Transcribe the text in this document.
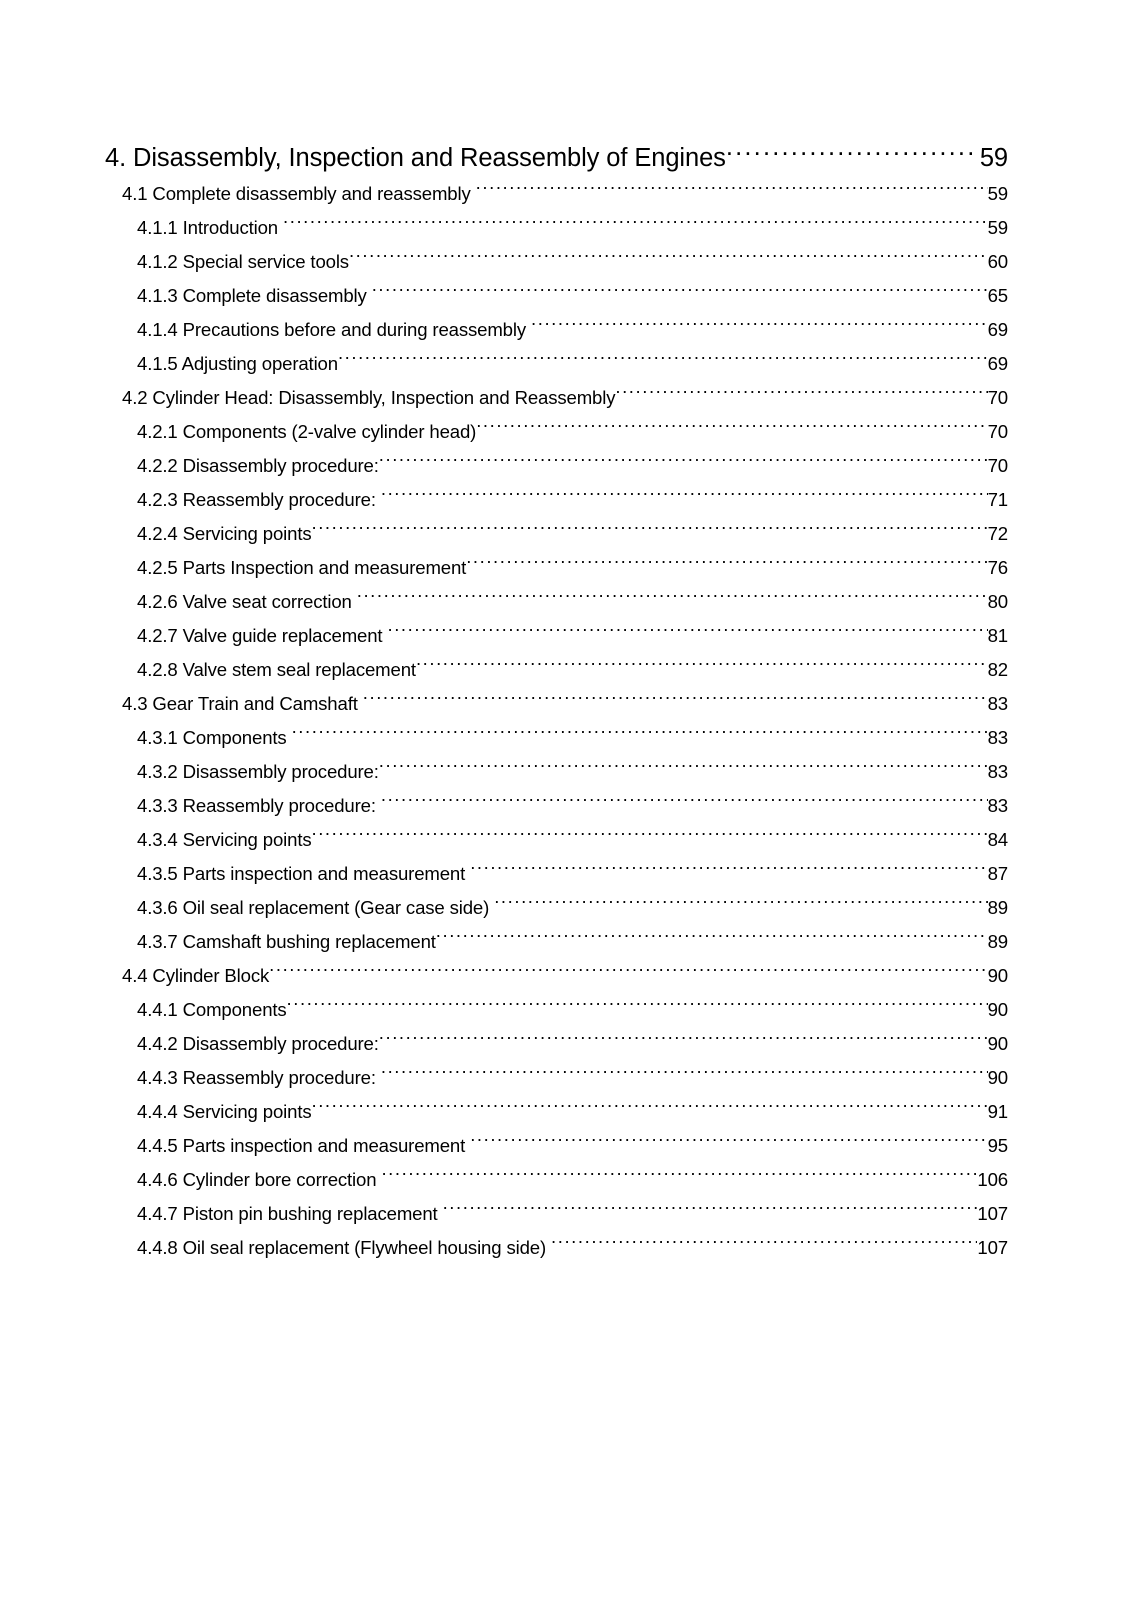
4. Disassembly, Inspection and Reassembly of Engines .....	59
4.1 Complete disassembly and reassembly .....	59
4.1.1 Introduction .....	59
4.1.2 Special service tools .....	60
4.1.3 Complete disassembly .....	65
4.1.4 Precautions before and during reassembly .....	69
4.1.5 Adjusting operation .....	69
4.2 Cylinder Head: Disassembly, Inspection and Reassembly .....	70
4.2.1 Components (2-valve cylinder head) .....	70
4.2.2 Disassembly procedure: .....	70
4.2.3 Reassembly procedure: .....	71
4.2.4 Servicing points .....	72
4.2.5 Parts Inspection and measurement .....	76
4.2.6 Valve seat correction .....	80
4.2.7 Valve guide replacement .....	81
4.2.8 Valve stem seal replacement .....	82
4.3 Gear Train and Camshaft .....	83
4.3.1 Components .....	83
4.3.2 Disassembly procedure: .....	83
4.3.3 Reassembly procedure: .....	83
4.3.4 Servicing points .....	84
4.3.5 Parts inspection and measurement .....	87
4.3.6 Oil seal replacement (Gear case side) .....	89
4.3.7 Camshaft bushing replacement .....	89
4.4 Cylinder Block .....	90
4.4.1 Components .....	90
4.4.2 Disassembly procedure: .....	90
4.4.3 Reassembly procedure: .....	90
4.4.4 Servicing points .....	91
4.4.5 Parts inspection and measurement .....	95
4.4.6 Cylinder bore correction .....	106
4.4.7 Piston pin bushing replacement .....	107
4.4.8 Oil seal replacement (Flywheel housing side) .....	107
